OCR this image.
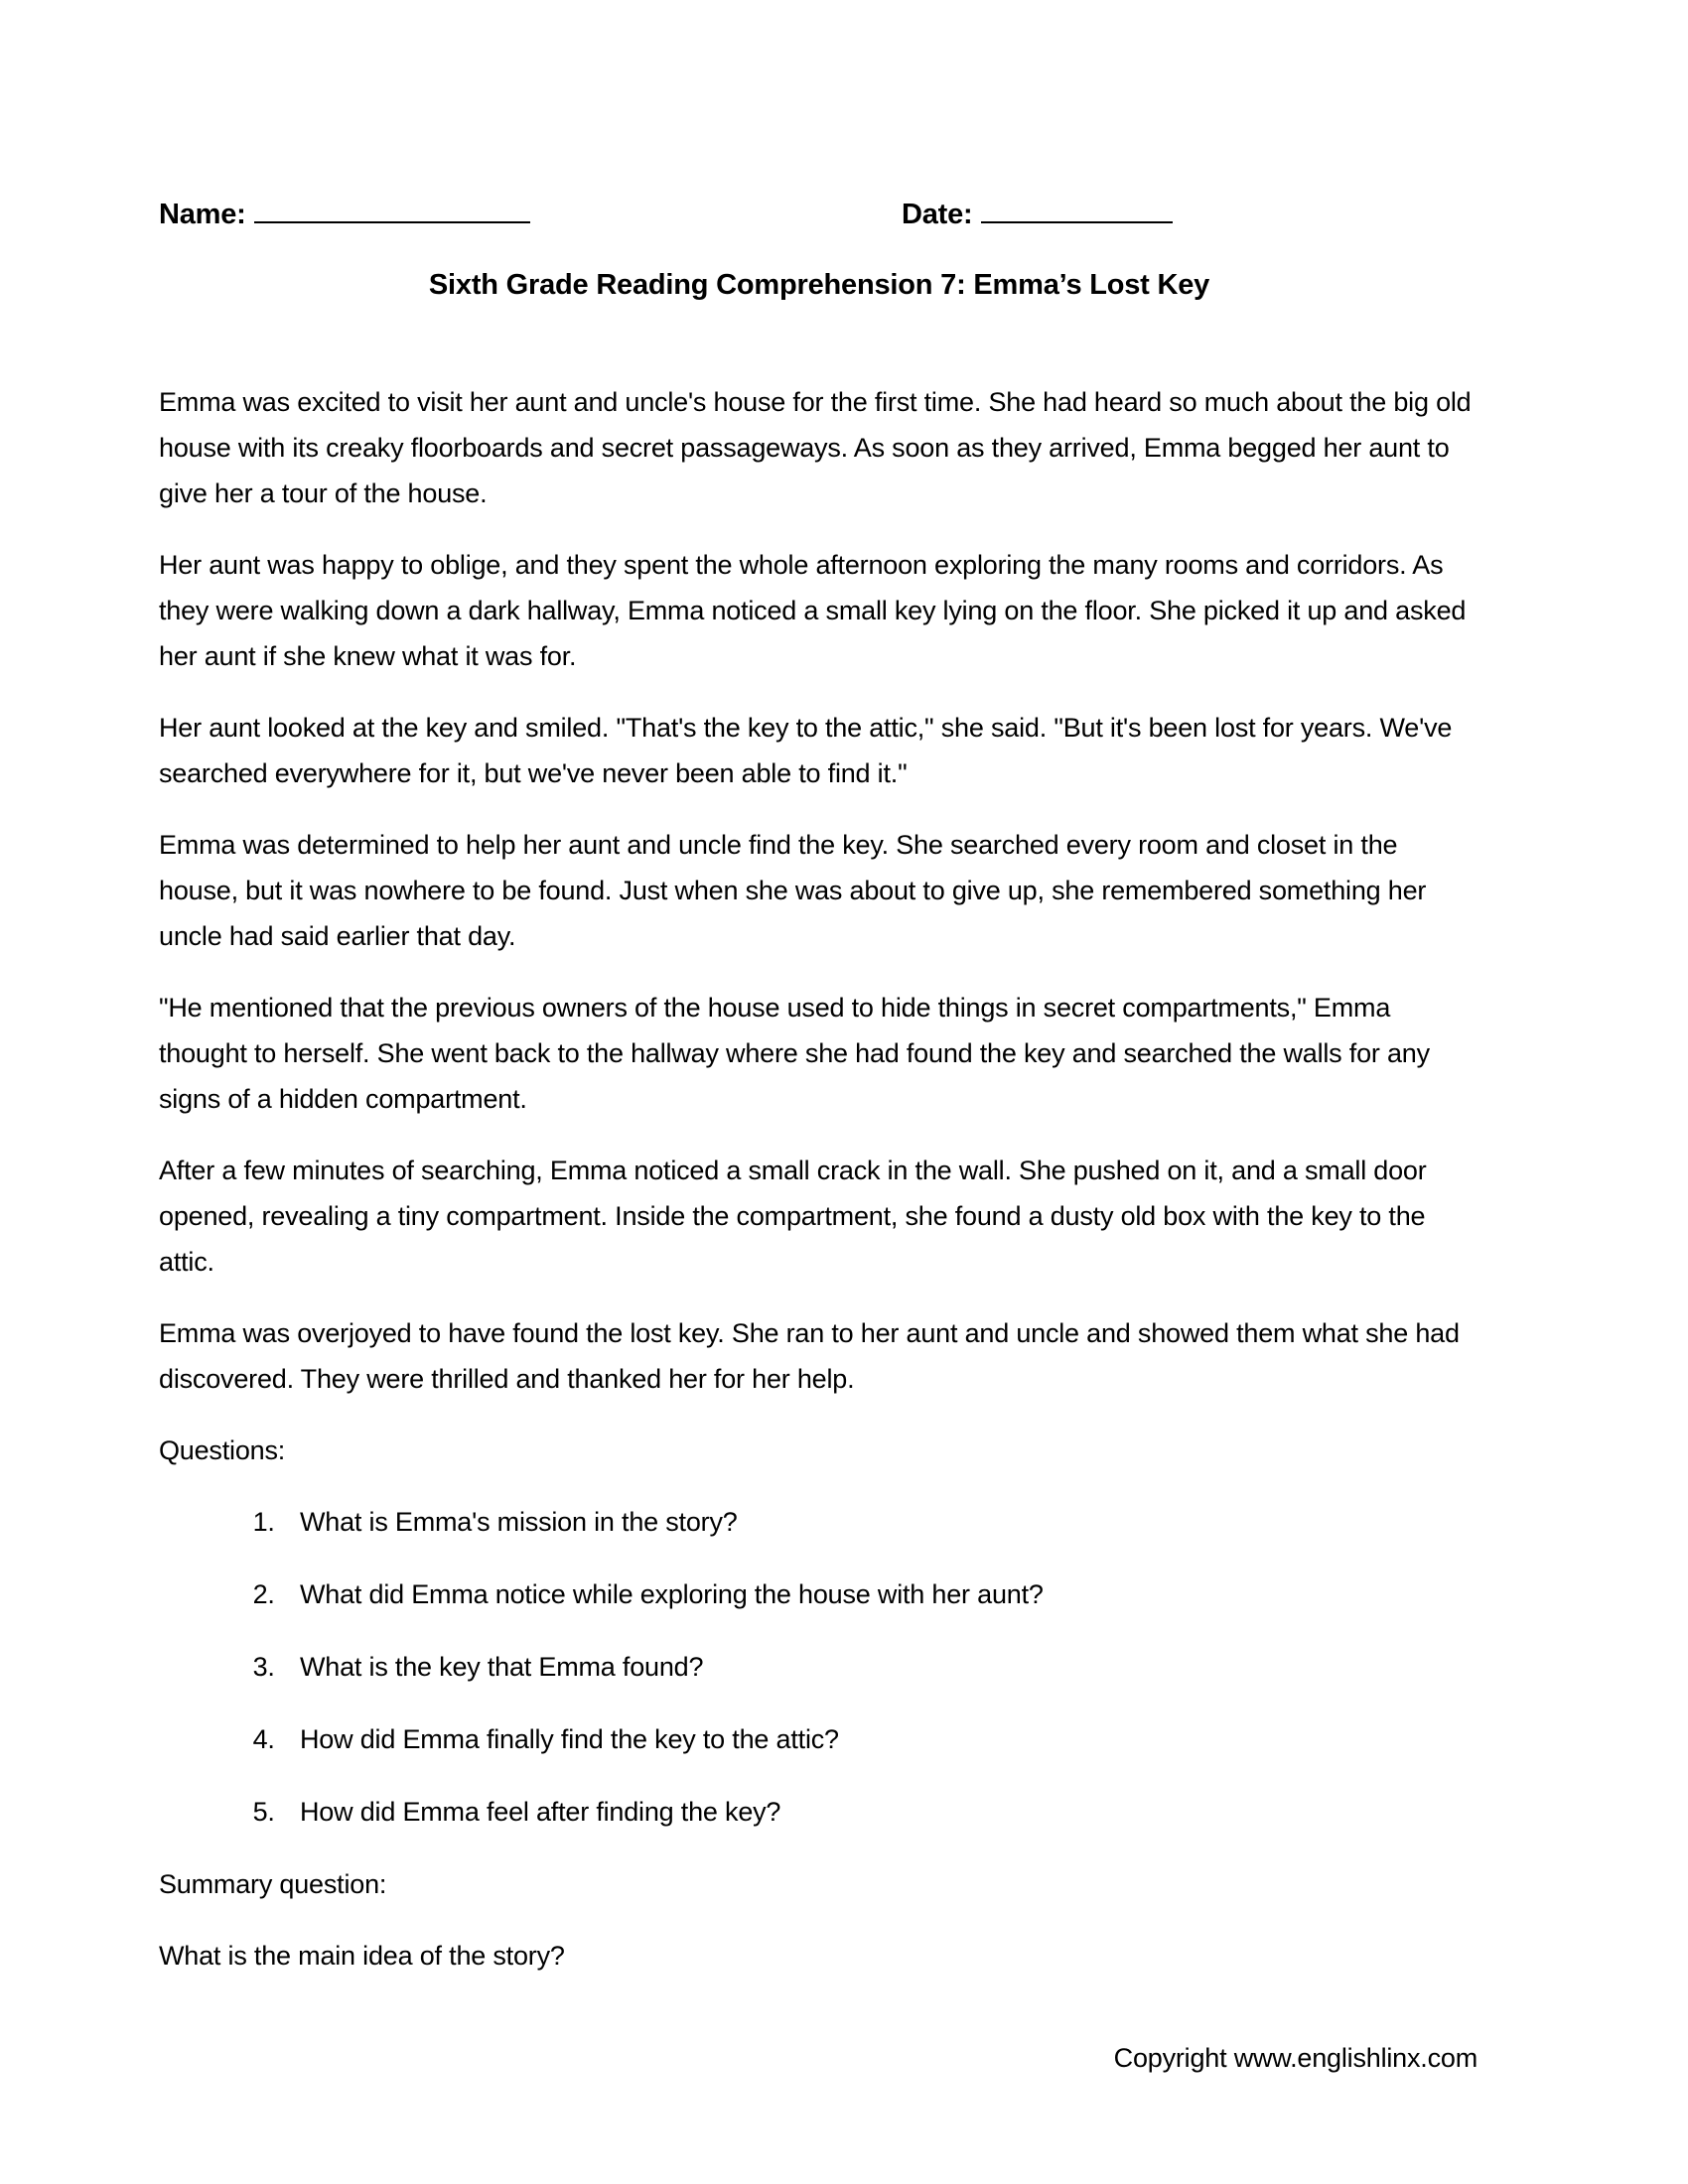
Name:	Date:
Sixth Grade Reading Comprehension 7: Emma’s Lost Key

Emma was excited to visit her aunt and uncle's house for the first time. She had heard so much about the big old house with its creaky floorboards and secret passageways. As soon as they arrived, Emma begged her aunt to give her a tour of the house.

Her aunt was happy to oblige, and they spent the whole afternoon exploring the many rooms and corridors. As they were walking down a dark hallway, Emma noticed a small key lying on the floor. She picked it up and asked her aunt if she knew what it was for.

Her aunt looked at the key and smiled. "That's the key to the attic," she said. "But it's been lost for years. We've searched everywhere for it, but we've never been able to find it."

Emma was determined to help her aunt and uncle find the key. She searched every room and closet in the house, but it was nowhere to be found. Just when she was about to give up, she remembered something her uncle had said earlier that day.

"He mentioned that the previous owners of the house used to hide things in secret compartments," Emma thought to herself. She went back to the hallway where she had found the key and searched the walls for any signs of a hidden compartment.

After a few minutes of searching, Emma noticed a small crack in the wall. She pushed on it, and a small door opened, revealing a tiny compartment. Inside the compartment, she found a dusty old box with the key to the attic.

Emma was overjoyed to have found the lost key. She ran to her aunt and uncle and showed them what she had discovered. They were thrilled and thanked her for her help.

Questions:

1. What is Emma's mission in the story?
2. What did Emma notice while exploring the house with her aunt?
3. What is the key that Emma found?
4. How did Emma finally find the key to the attic?
5. How did Emma feel after finding the key?

Summary question:

What is the main idea of the story?

Copyright www.englishlinx.com
